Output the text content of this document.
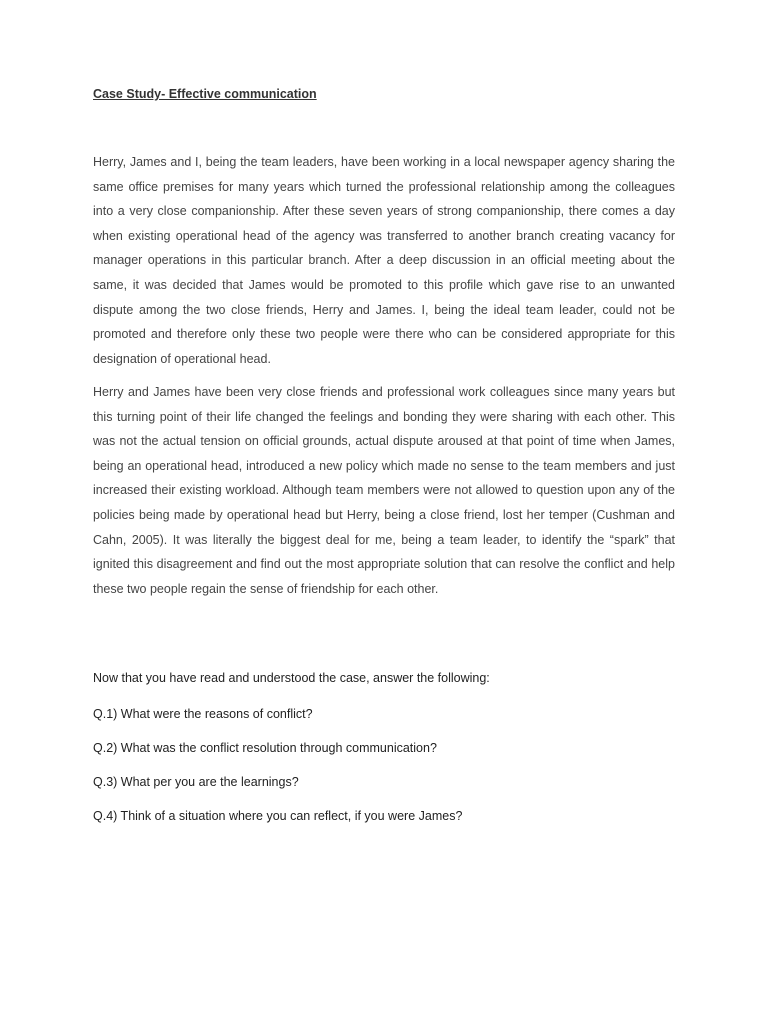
Case Study- Effective communication

Herry, James and I, being the team leaders, have been working in a local newspaper agency sharing the same office premises for many years which turned the professional relationship among the colleagues into a very close companionship. After these seven years of strong companionship, there comes a day when existing operational head of the agency was transferred to another branch creating vacancy for manager operations in this particular branch. After a deep discussion in an official meeting about the same, it was decided that James would be promoted to this profile which gave rise to an unwanted dispute among the two close friends, Herry and James. I, being the ideal team leader, could not be promoted and therefore only these two people were there who can be considered appropriate for this designation of operational head.

Herry and James have been very close friends and professional work colleagues since many years but this turning point of their life changed the feelings and bonding they were sharing with each other. This was not the actual tension on official grounds, actual dispute aroused at that point of time when James, being an operational head, introduced a new policy which made no sense to the team members and just increased their existing workload. Although team members were not allowed to question upon any of the policies being made by operational head but Herry, being a close friend, lost her temper (Cushman and Cahn, 2005). It was literally the biggest deal for me, being a team leader, to identify the “spark” that ignited this disagreement and find out the most appropriate solution that can resolve the conflict and help these two people regain the sense of friendship for each other.

Now that you have read and understood the case, answer the following:

Q.1) What were the reasons of conflict?
Q.2) What was the conflict resolution through communication?
Q.3) What per you are the learnings?
Q.4) Think of a situation where you can reflect, if you were James?
